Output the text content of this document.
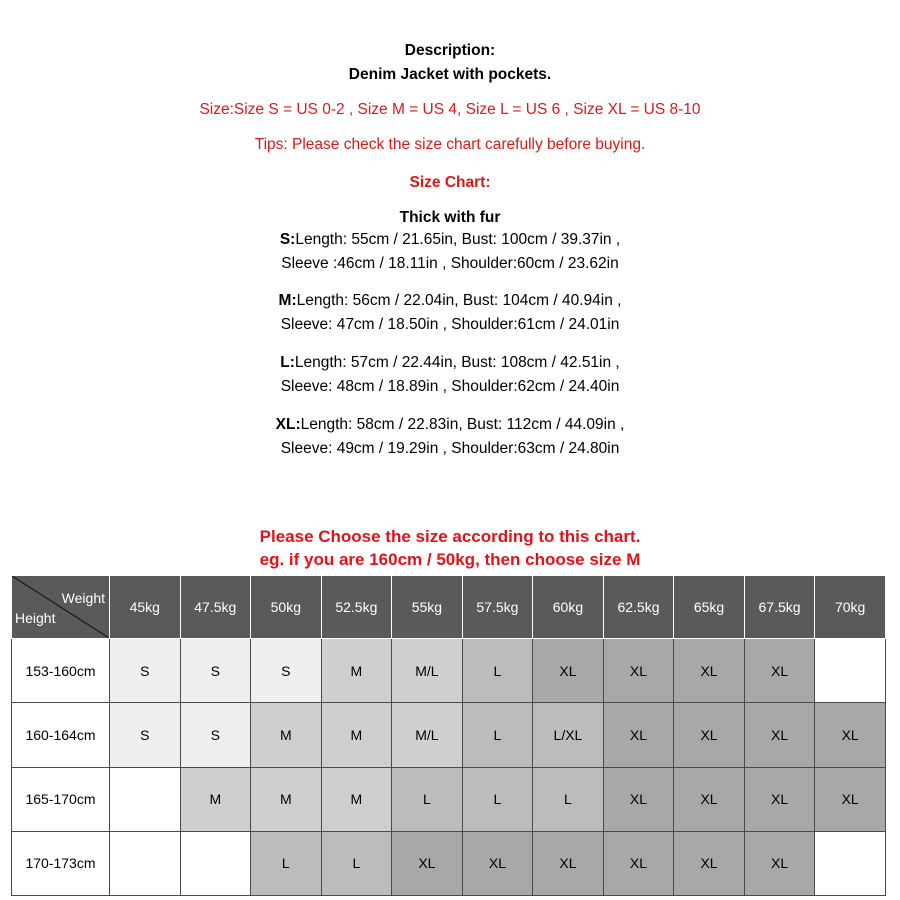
Description:
Denim Jacket with pockets.
Size:Size S = US 0-2 , Size M = US 4, Size L = US 6 , Size XL = US 8-10
Tips: Please check the size chart carefully before buying.
Size Chart:
Thick with fur
S:Length: 55cm / 21.65in, Bust: 100cm / 39.37in ,
Sleeve :46cm / 18.11in , Shoulder:60cm / 23.62in
M:Length: 56cm / 22.04in, Bust: 104cm / 40.94in ,
Sleeve: 47cm / 18.50in , Shoulder:61cm / 24.01in
L:Length: 57cm / 22.44in, Bust: 108cm / 42.51in ,
Sleeve: 48cm / 18.89in , Shoulder:62cm / 24.40in
XL:Length: 58cm / 22.83in, Bust: 112cm / 44.09in ,
Sleeve: 49cm / 19.29in , Shoulder:63cm / 24.80in
Please Choose the size according to this chart.
eg. if you are 160cm / 50kg, then choose size M
Weight
Height	45kg	47.5kg	50kg	52.5kg	55kg	57.5kg	60kg	62.5kg	65kg	67.5kg	70kg
153-160cm	S	S	S	M	M/L	L	XL	XL	XL	XL	
160-164cm	S	S	M	M	M/L	L	L/XL	XL	XL	XL	XL
165-170cm		M	M	M	L	L	L	XL	XL	XL	XL
170-173cm			L	L	XL	XL	XL	XL	XL	XL	
